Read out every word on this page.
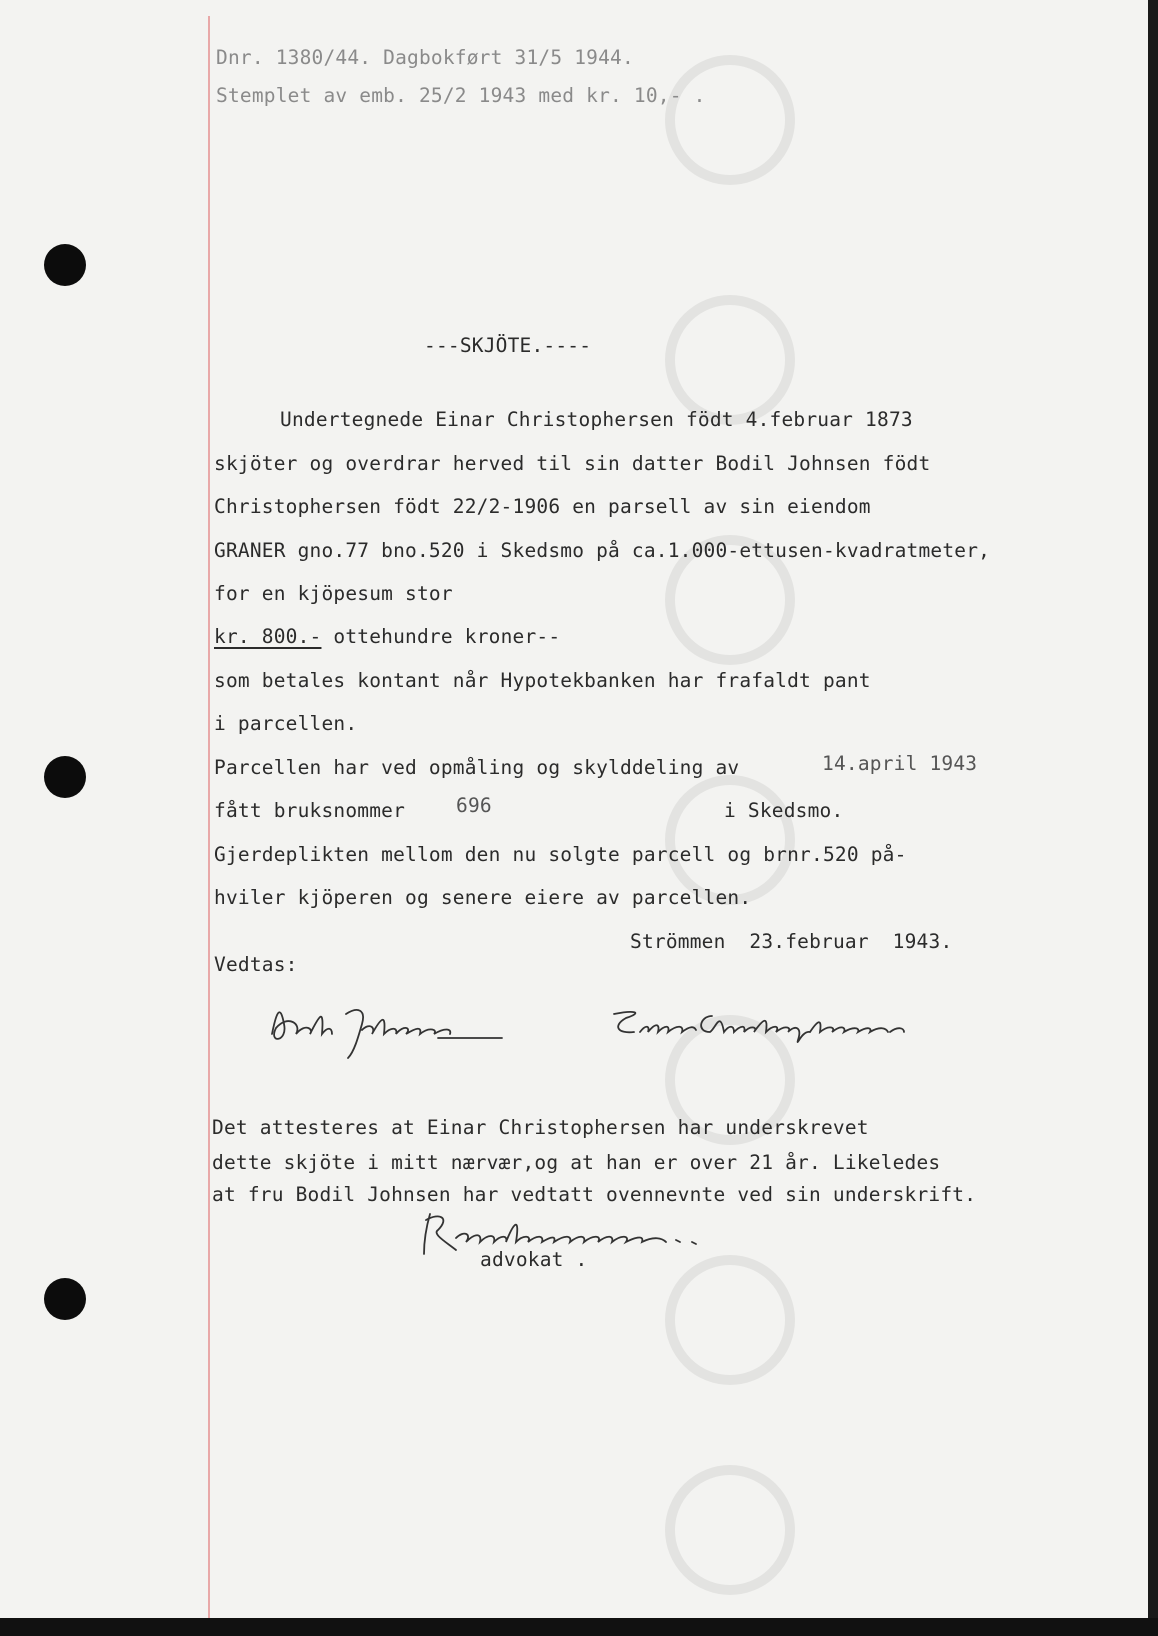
Dnr. 1380/44. Dagbokført 31/5 1944.
Stemplet av emb. 25/2 1943 med kr. 10,- .
---SKJÖTE.----
Undertegnede Einar Christophersen födt 4.februar 1873
skjöter og overdrar herved til sin datter Bodil Johnsen födt
Christophersen födt 22/2-1906 en parsell av sin eiendom
GRANER gno.77 bno.520 i Skedsmo på ca.1.000-ettusen-kvadratmeter,
for en kjöpesum stor
kr. 800.- ottehundre kroner--
som betales kontant når Hypotekbanken har frafaldt pant
i parcellen.
Parcellen har ved opmåling og skylddeling av	14.april 1943
fått bruksnommer	696	i Skedsmo.
Gjerdeplikten mellom den nu solgte parcell og brnr.520 på-
hviler kjöperen og senere eiere av parcellen.
Strömmen  23.februar  1943.
Vedtas:
Det attesteres at Einar Christophersen har underskrevet
dette skjöte i mitt nærvær,og at han er over 21 år. Likeledes
at fru Bodil Johnsen har vedtatt ovennevnte ved sin underskrift.
advokat .
